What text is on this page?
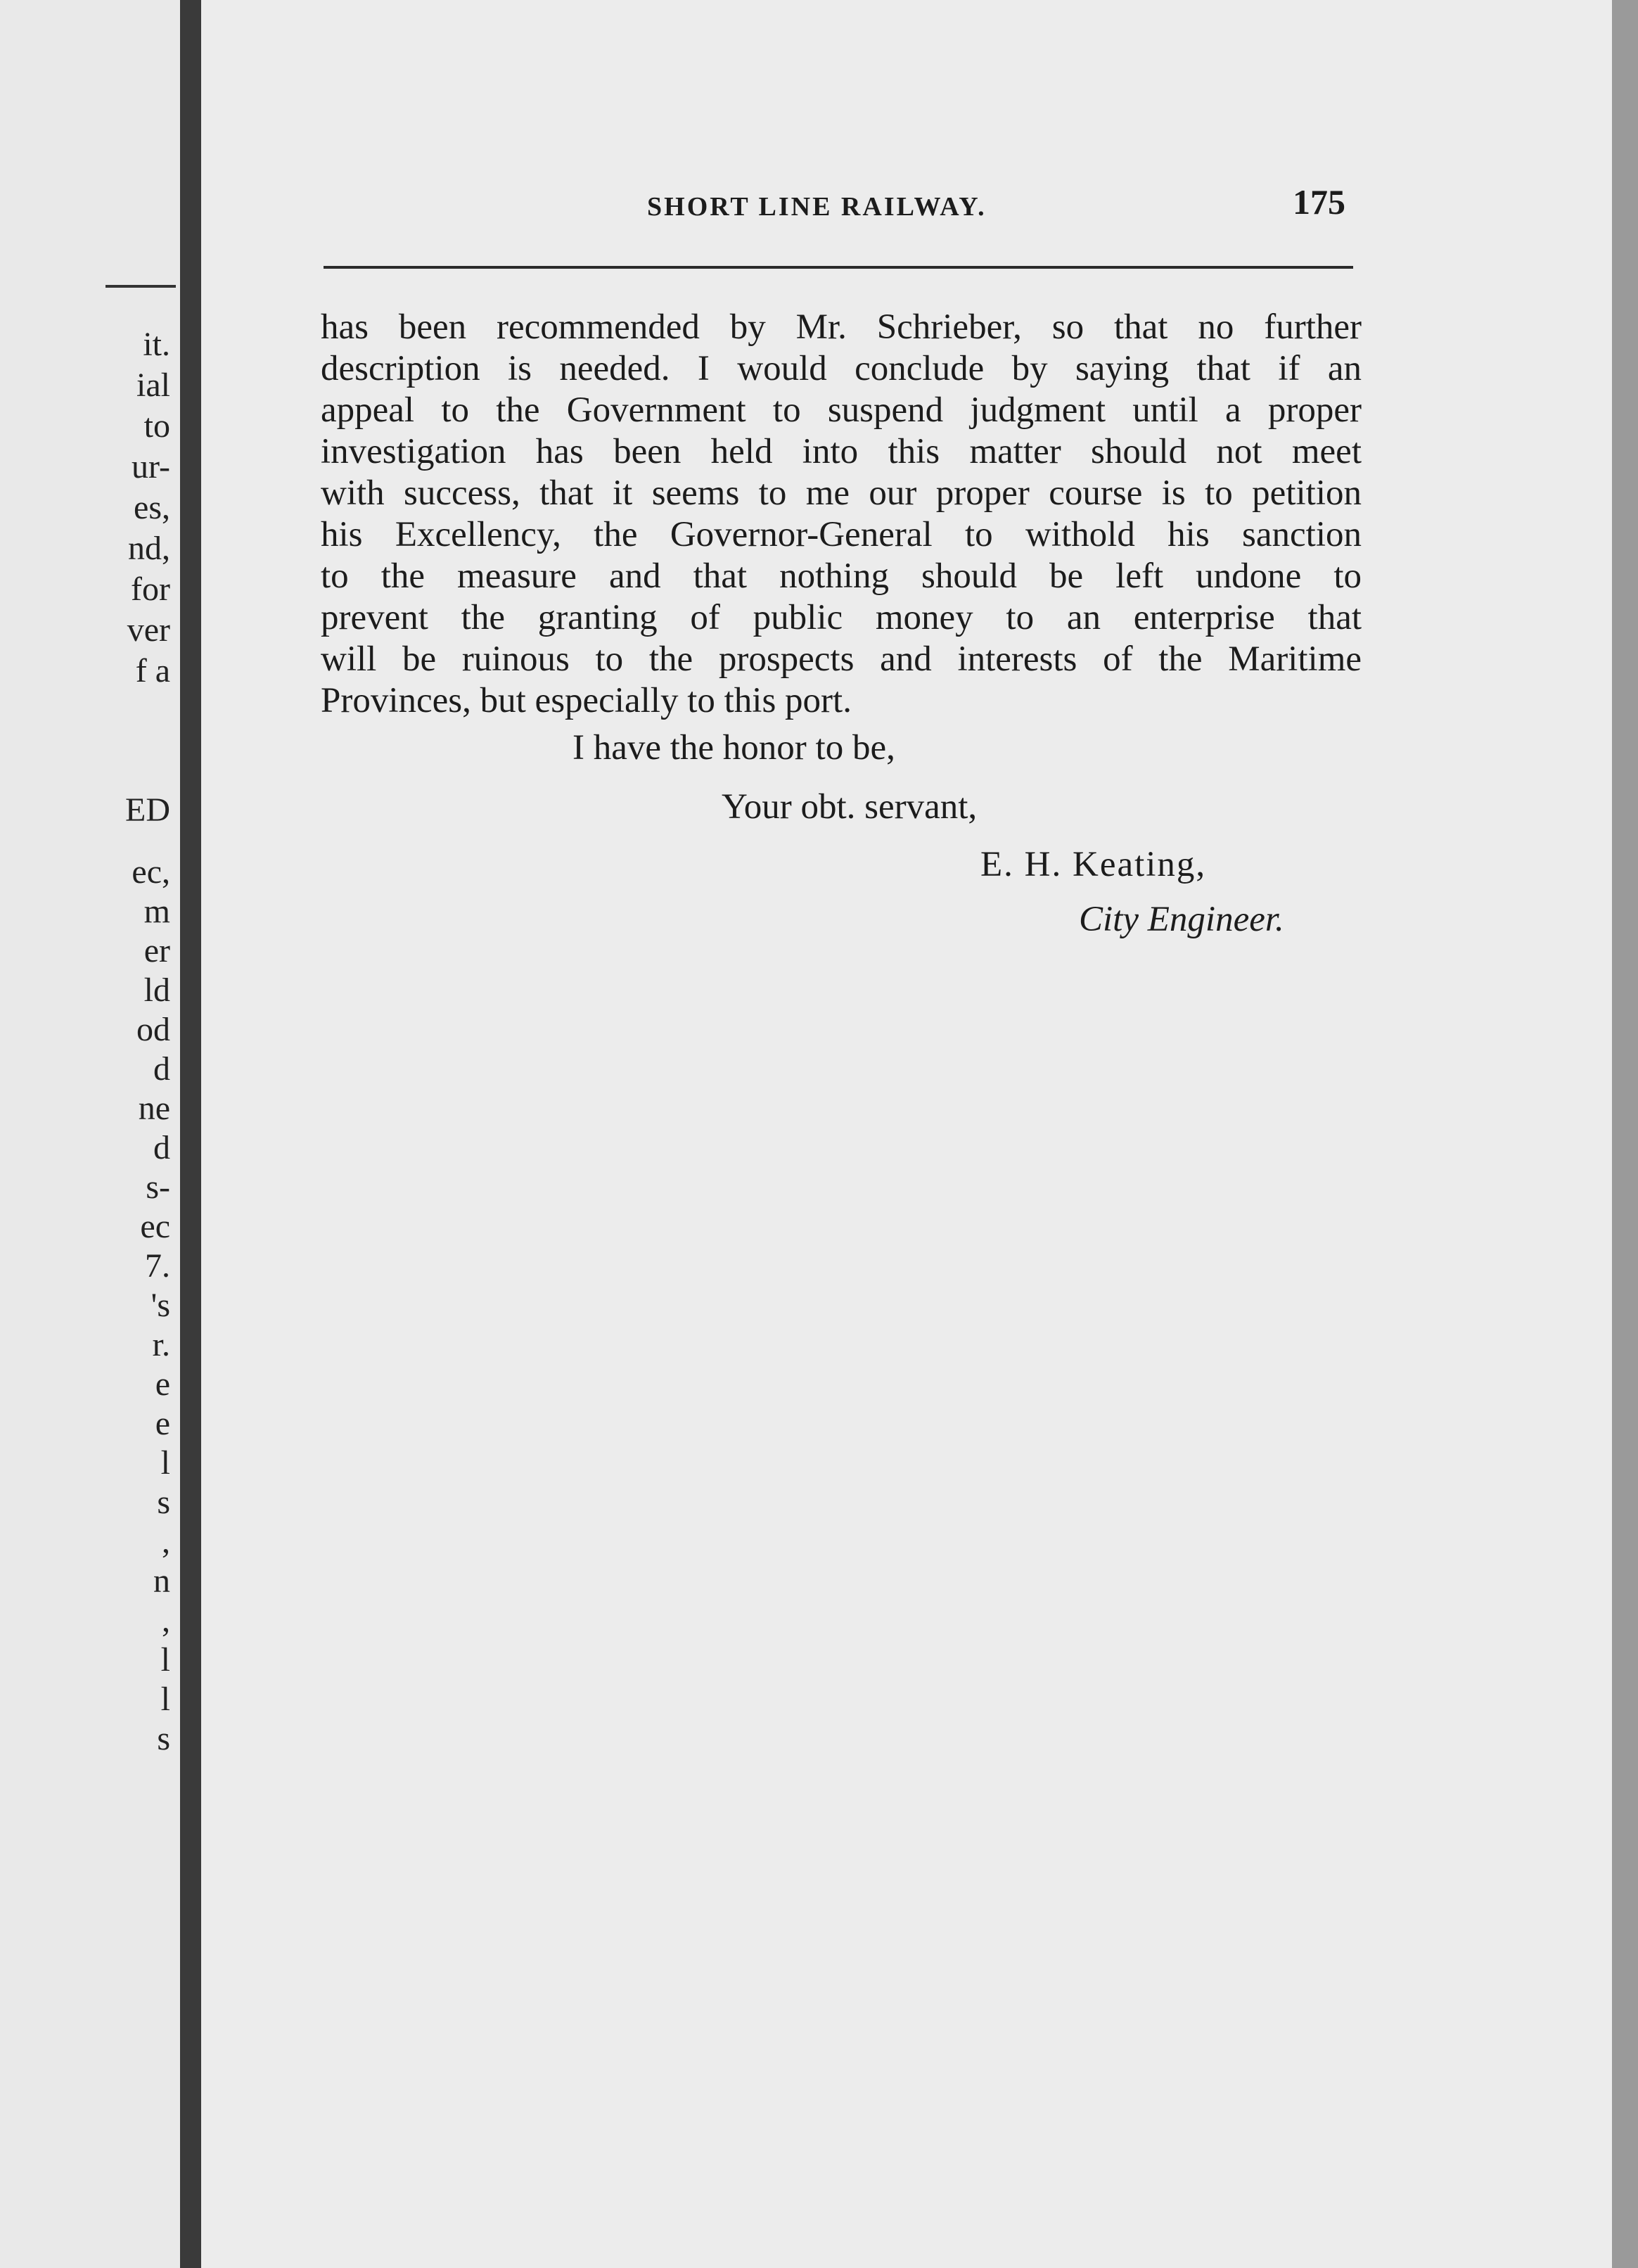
it.
ial
to
ur-
es,
nd,
for
ver
f a
ED
ec,
m
er
ld
od
d
ne
d
s-
ec
7.
's
r.
e
e
l
s
,
n
,
l
l
s
SHORT LINE RAILWAY.	175
has been recommended by Mr. Schrieber, so that no further
description is needed. I would conclude by saying that if an
appeal to the Government to suspend judgment until a proper
investigation has been held into this matter should not meet
with success, that it seems to me our proper course is to petition
his Excellency, the Governor-General to withold his sanction
to the measure and that nothing should be left undone to
prevent the granting of public money to an enterprise that
will be ruinous to the prospects and interests of the Maritime
Provinces, but especially to this port.
I have the honor to be,
Your obt. servant,
E. H. Keating,
City Engineer.
